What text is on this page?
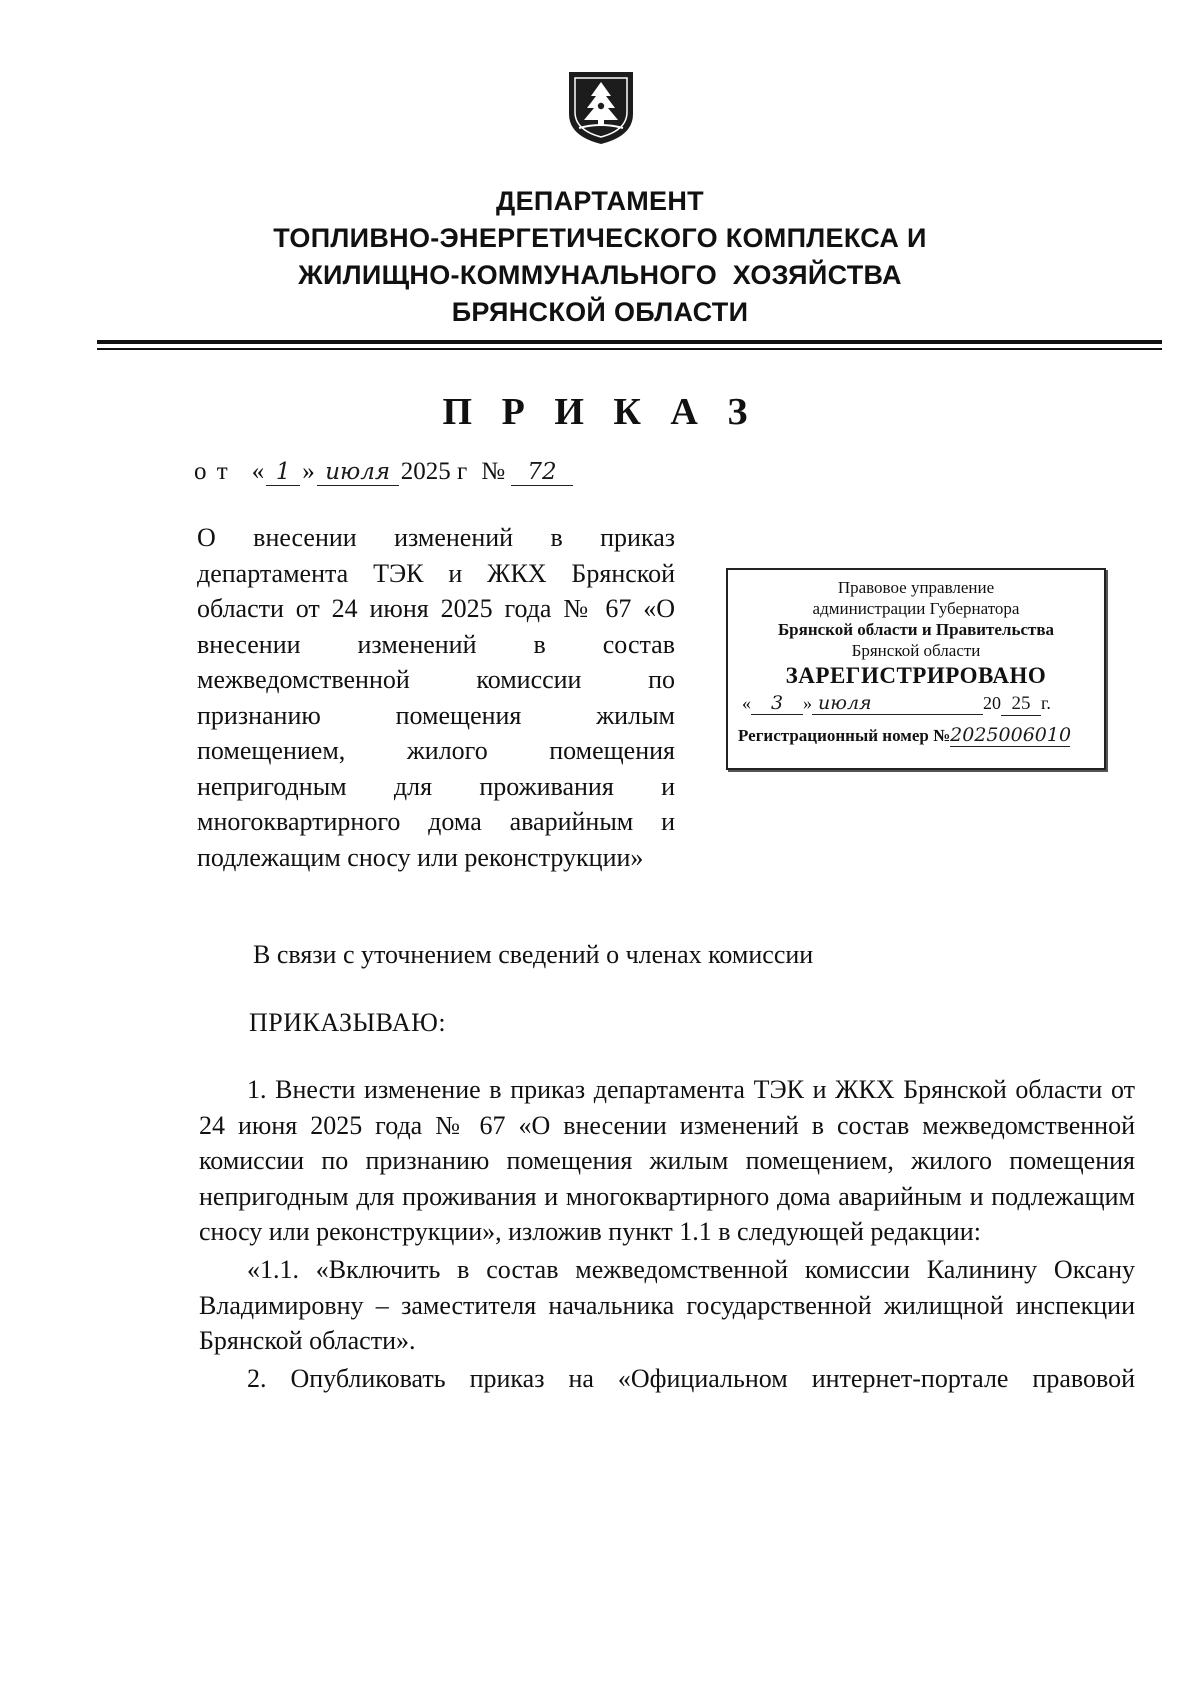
ДЕПАРТАМЕНТ
ТОПЛИВНО-ЭНЕРГЕТИЧЕСКОГО КОМПЛЕКСА И
ЖИЛИЩНО-КОММУНАЛЬНОГО  ХОЗЯЙСТВА
БРЯНСКОЙ ОБЛАСТИ
П Р И К А З
о т « 1 » июля 2025 г № 72
О внесении изменений в приказ департамента ТЭК и ЖКХ Брянской области от 24 июня 2025 года № 67 «О внесении изменений в состав межведомственной комиссии по признанию помещения жилым помещением, жилого помещения непригодным для проживания и многоквартирного дома аварийным и подлежащим сносу или реконструкции»
Правовое управление
администрации Губернатора
Брянской области и Правительства
Брянской области
ЗАРЕГИСТРИРОВАНО
«	3	» июля	20 25 г.
Регистрационный номер № 2025006010
В связи с уточнением сведений о членах комиссии
ПРИКАЗЫВАЮ:

1. Внести изменение в приказ департамента ТЭК и ЖКХ Брянской области от 24 июня 2025 года № 67 «О внесении изменений в состав межведомственной комиссии по признанию помещения жилым помещением, жилого помещения непригодным для проживания и многоквартирного дома аварийным и подлежащим сносу или реконструкции», изложив пункт 1.1 в следующей редакции:

«1.1. «Включить в состав межведомственной комиссии Калинину Оксану Владимировну – заместителя начальника государственной жилищной инспекции Брянской области».

2. Опубликовать приказ на «Официальном интернет-портале правовой
